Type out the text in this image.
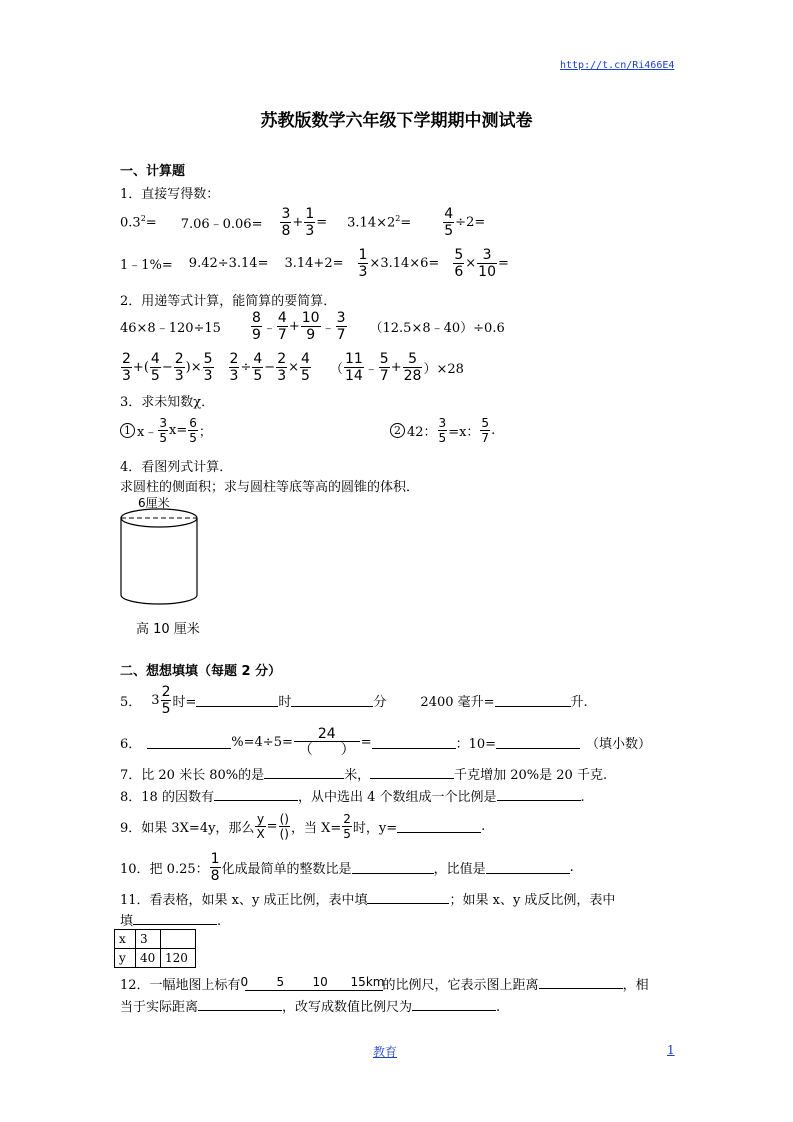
http://t.cn/Ri466E4
苏教版数学六年级下学期期中测试卷
一、计算题
1．直接写得数：
$0.3^2=$ 7.06﹣0.06= $\frac{3}{8} + \frac{1}{3} = 3.14\times 2^2= \frac{4}{5} \div 2=$
1﹣1%= $9.42\div 3.14= 3.14+2= \frac{1}{3} \times 3.14\times 6= \frac{5}{6} \times \frac{3}{10}$ =
2．用递等式计算，能简算的要简算．
46×8﹣120÷15 $\frac{8}{9}$ ﹣ $\frac{4}{7} + \frac{10}{9}$ ﹣ $\frac{3}{7}$ （12.5×8﹣40）÷0.6
$\frac{2}{3}$ +( $\frac{4}{5} - \frac{2}{3}$ )× $\frac{5}{3} \frac{2}{3} \div \frac{4}{5} - \frac{2}{3} \times \frac{4}{5}$ （ $\frac{11}{14}$ ﹣ $\frac{5}{7} + \frac{5}{28} )\times 28$
3．求未知数χ．
1 x﹣ $\frac{3}{5} x= \frac{6}{5}$ ；	2 42： $\frac{3}{5} =x$： $\frac{5}{7}$ .
4．看图列式计算．
求圆柱的侧面积；求与圆柱等底等高的圆锥的体积．
6厘米
高 10 厘米
二、想想填填（每题 2 分）
5． $3 \frac{2}{5}$ 时=	时	分	2400 毫升=	升.
6．	$\%=4\div 5= \frac{24}{( )}$ =	：10=	（填小数）
7．比 20 米长 80%的是	米，	千克增加 20%是 20 千克.
8．18 的因数有	，从中选出 4 个数组成一个比例是	.
9．如果 3X=4y，那么 $\frac{y}{X} = \frac{()}{()}$ ，当 $X= \frac{2}{5}$ 时，y=	.
10．把 0.25： $\frac{1}{8}$ 化成最简单的整数比是	，比值是	.
11．看表格，如果 x、y 成正比例，表中填	；如果 x、y 成反比例，表中
填	.
x	3	
y	40	120
12．一幅地图上标有 0 5 10 15km
的比例尺，它表示图上距离	，相
当于实际距离	，改写成数值比例尺为	.
教育	1
